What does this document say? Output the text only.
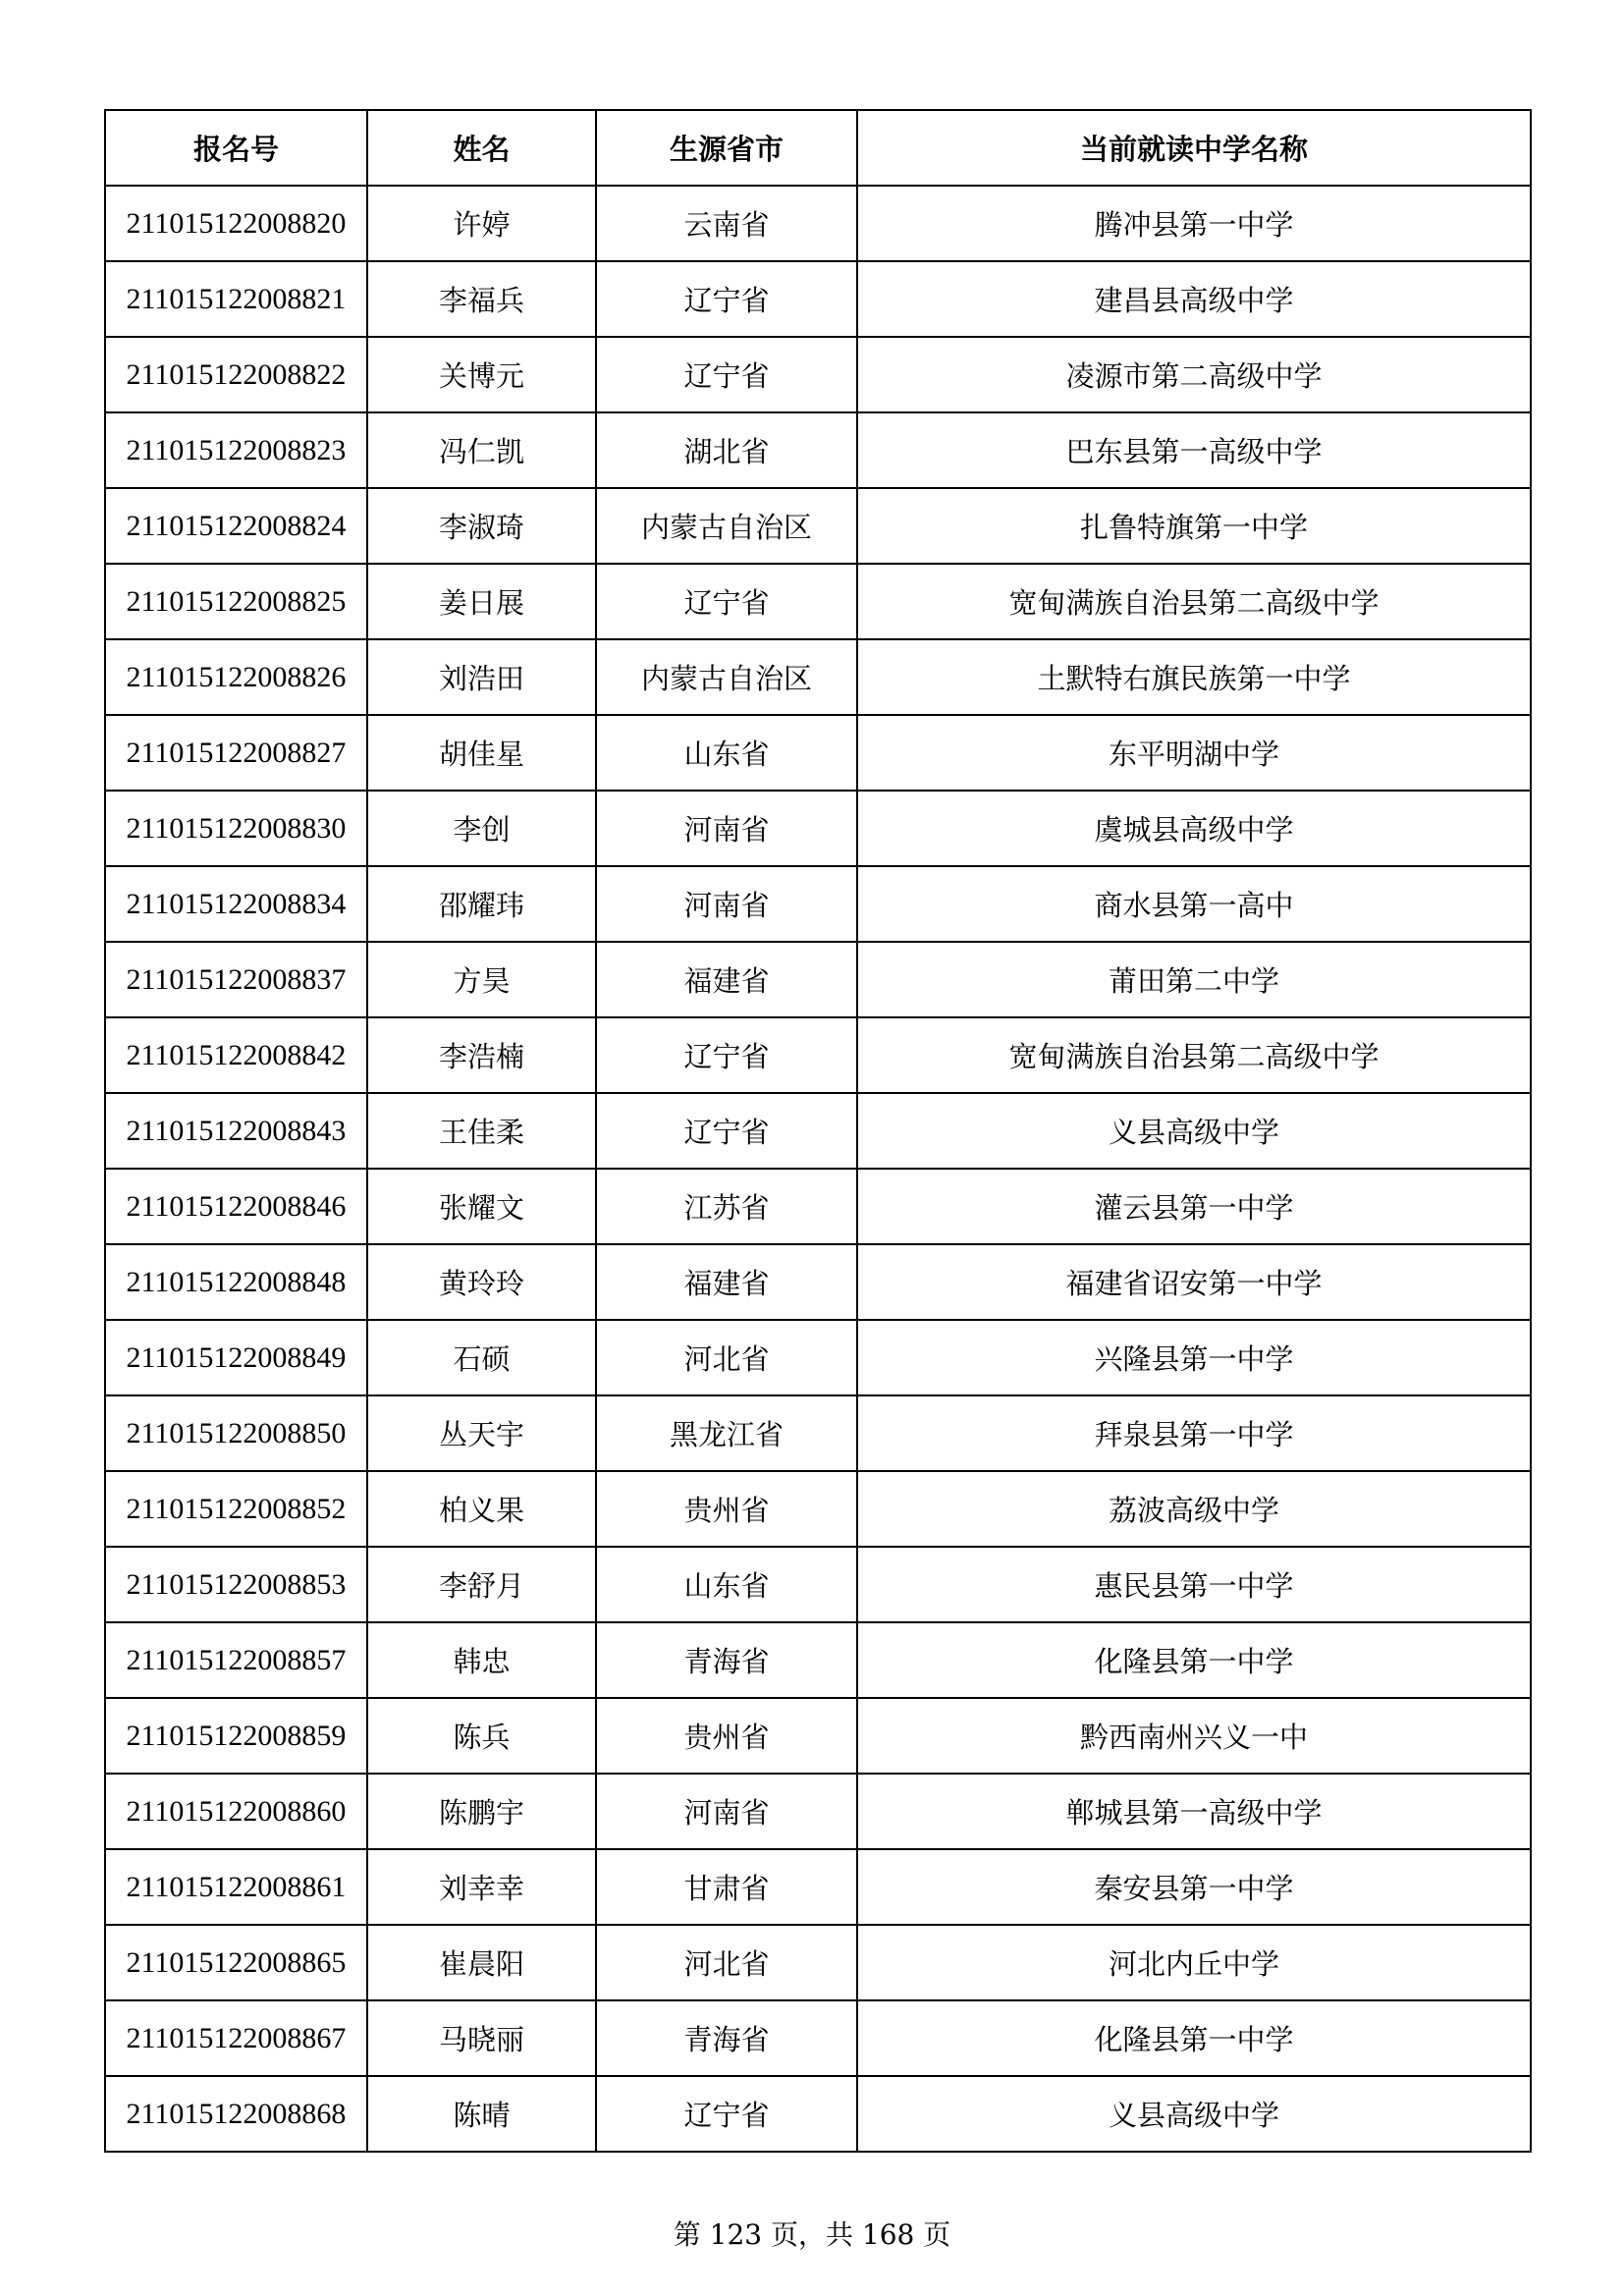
报名号	姓名	生源省市	当前就读中学名称
211015122008820	许婷	云南省	腾冲县第一中学
211015122008821	李福兵	辽宁省	建昌县高级中学
211015122008822	关博元	辽宁省	凌源市第二高级中学
211015122008823	冯仁凯	湖北省	巴东县第一高级中学
211015122008824	李淑琦	内蒙古自治区	扎鲁特旗第一中学
211015122008825	姜日展	辽宁省	宽甸满族自治县第二高级中学
211015122008826	刘浩田	内蒙古自治区	土默特右旗民族第一中学
211015122008827	胡佳星	山东省	东平明湖中学
211015122008830	李创	河南省	虞城县高级中学
211015122008834	邵耀玮	河南省	商水县第一高中
211015122008837	方昊	福建省	莆田第二中学
211015122008842	李浩楠	辽宁省	宽甸满族自治县第二高级中学
211015122008843	王佳柔	辽宁省	义县高级中学
211015122008846	张耀文	江苏省	灌云县第一中学
211015122008848	黄玲玲	福建省	福建省诏安第一中学
211015122008849	石硕	河北省	兴隆县第一中学
211015122008850	丛天宇	黑龙江省	拜泉县第一中学
211015122008852	柏义果	贵州省	荔波高级中学
211015122008853	李舒月	山东省	惠民县第一中学
211015122008857	韩忠	青海省	化隆县第一中学
211015122008859	陈兵	贵州省	黔西南州兴义一中
211015122008860	陈鹏宇	河南省	郸城县第一高级中学
211015122008861	刘幸幸	甘肃省	秦安县第一中学
211015122008865	崔晨阳	河北省	河北内丘中学
211015122008867	马晓丽	青海省	化隆县第一中学
211015122008868	陈晴	辽宁省	义县高级中学
第 123 页，共 168 页
